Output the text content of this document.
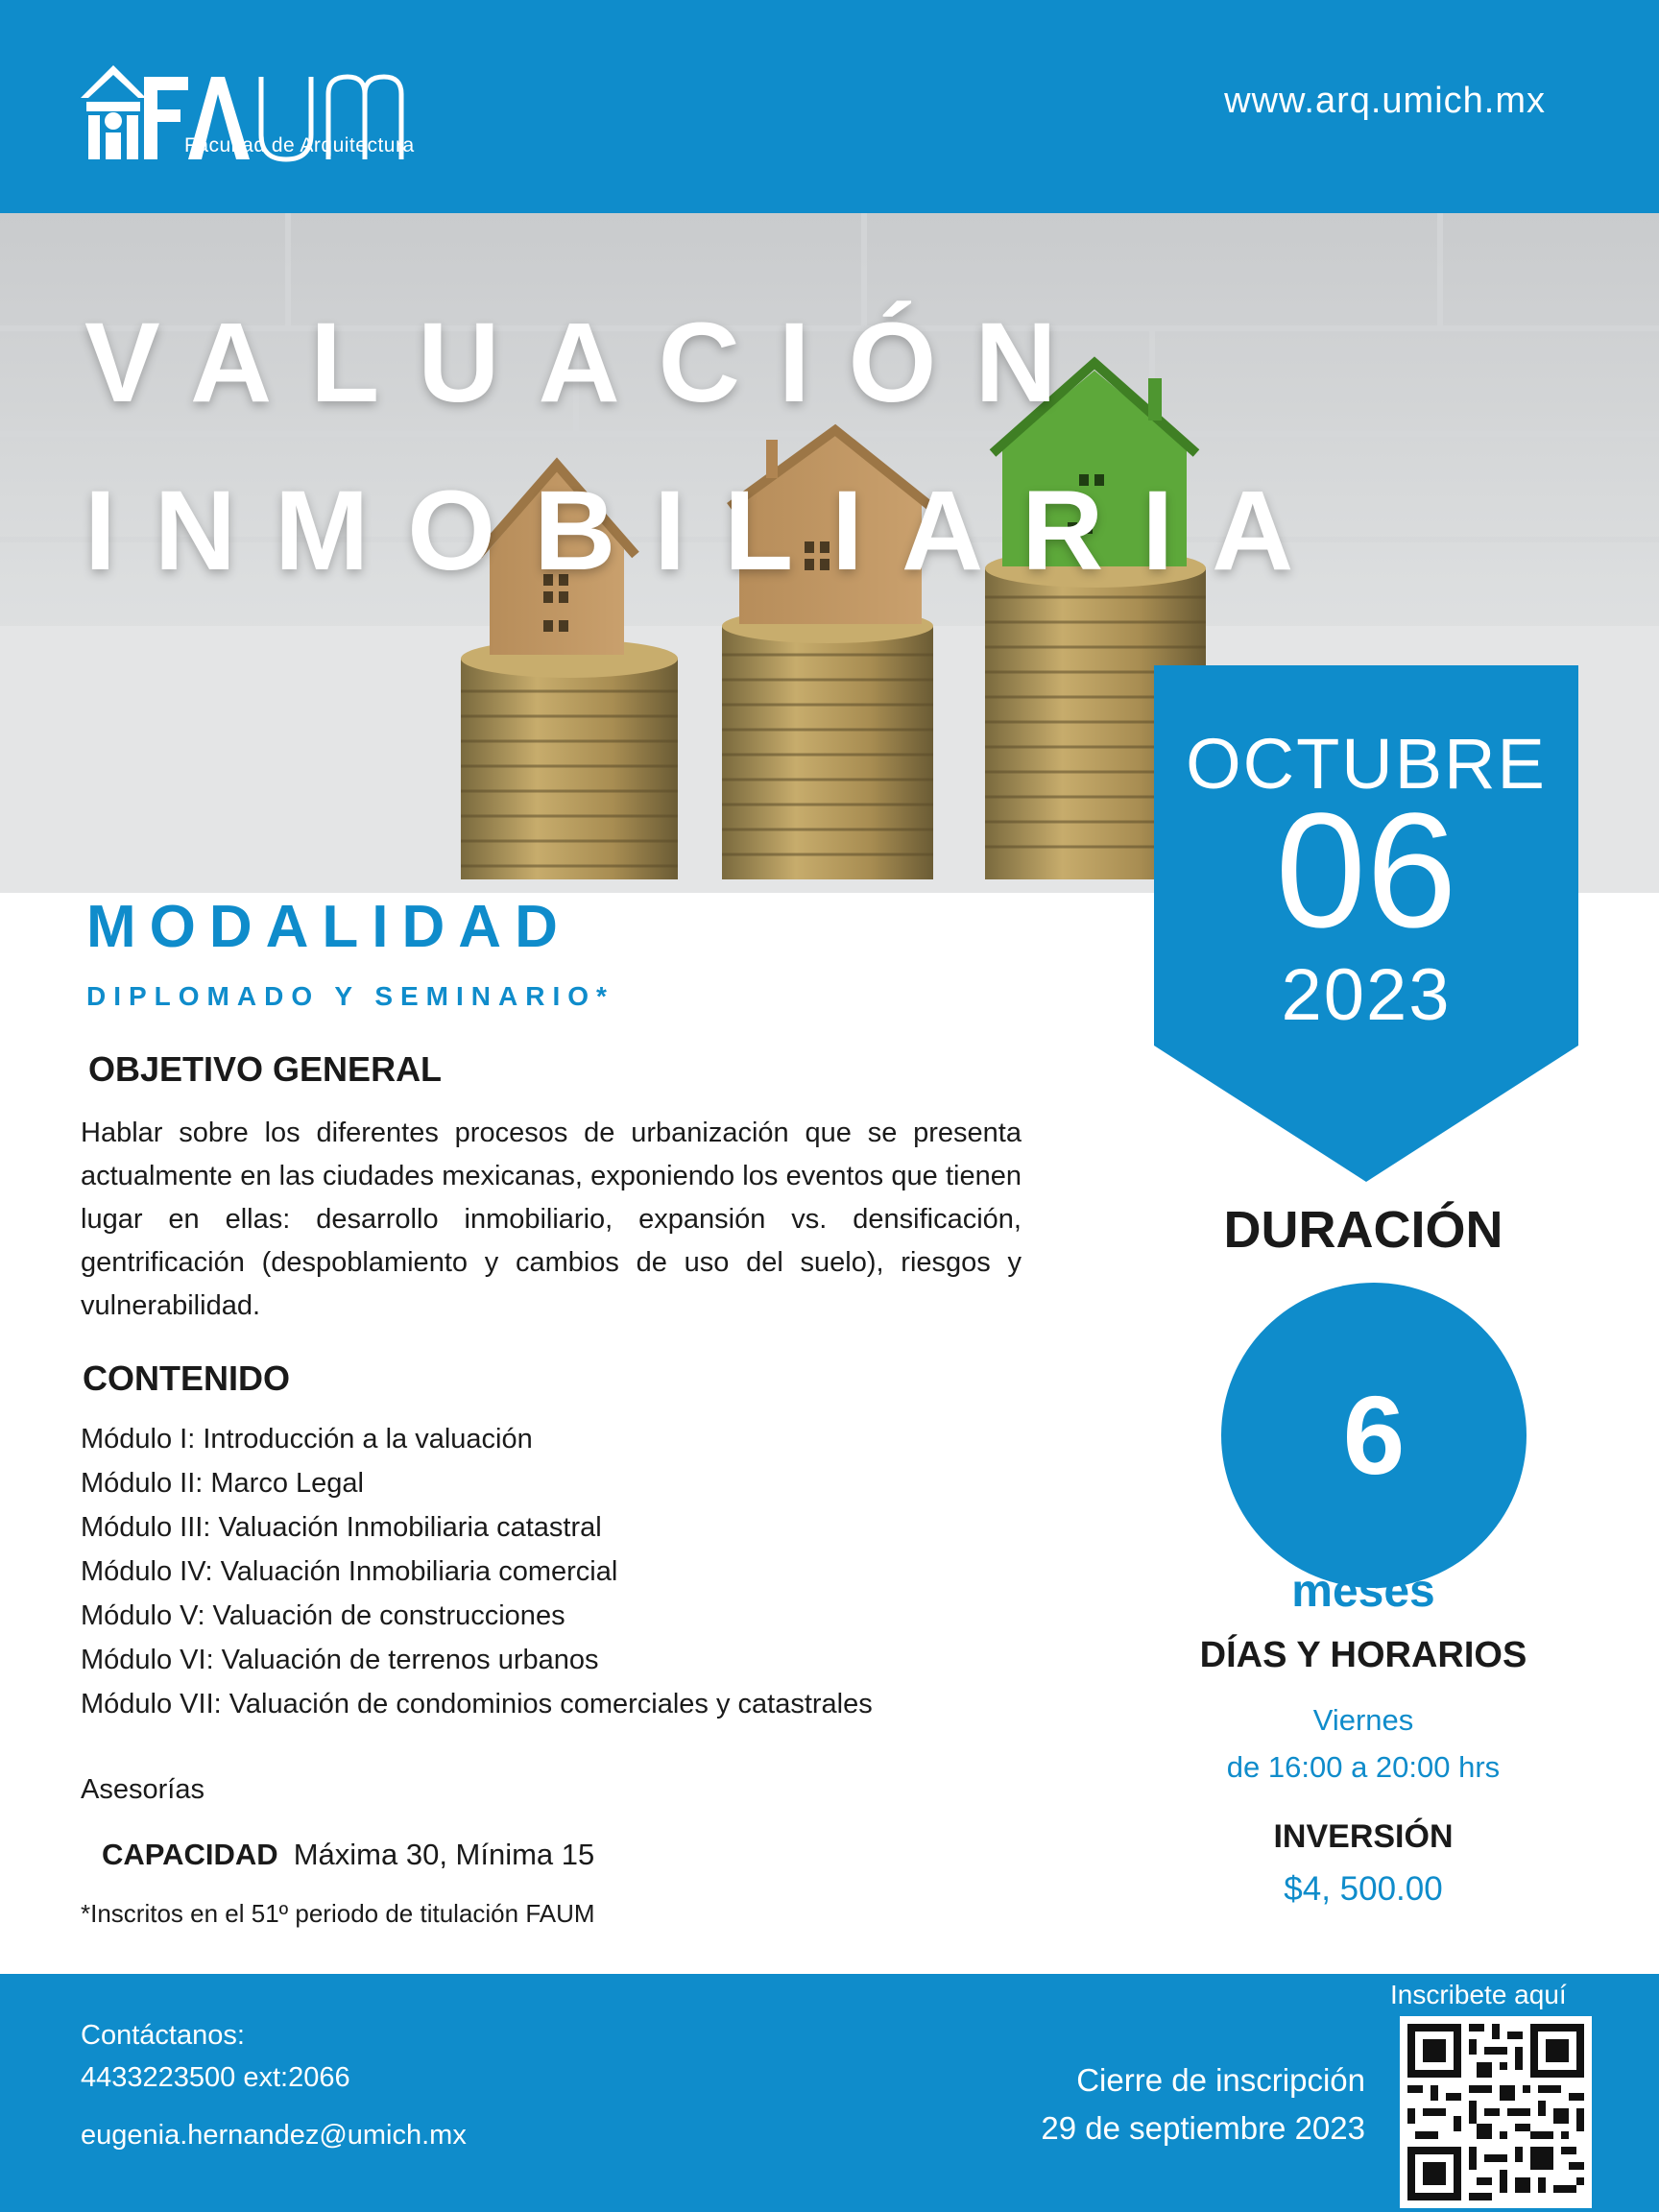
Facultad de Arquitectura
www.arq.umich.mx
VALUACIÓN
INMOBILIARIA
OCTUBRE
06
2023
MODALIDAD
DIPLOMADO Y SEMINARIO*
OBJETIVO GENERAL
Hablar sobre los diferentes procesos de urbanización que se presenta actualmente en las ciudades mexicanas, exponiendo los eventos que tienen lugar en ellas: desarrollo inmobiliario, expansión vs. densificación, gentrificación (despoblamiento y cambios de uso del suelo), riesgos y vulnerabilidad.
CONTENIDO
Módulo I: Introducción a la valuación
Módulo II: Marco Legal
Módulo III: Valuación Inmobiliaria catastral
Módulo IV: Valuación Inmobiliaria comercial
Módulo V: Valuación de construcciones
Módulo VI: Valuación de terrenos urbanos
Módulo VII: Valuación de condominios comerciales y catastrales
Asesorías
CAPACIDAD Máxima 30, Mínima 15
*Inscritos en el 51º periodo de titulación FAUM
DURACIÓN
6
meses
DÍAS Y HORARIOS
Viernes
de 16:00 a 20:00 hrs
INVERSIÓN
$4, 500.00
Contáctanos:
4433223500 ext:2066
eugenia.hernandez@umich.mx
Cierre de inscripción
29 de septiembre 2023
Inscribete aquí
